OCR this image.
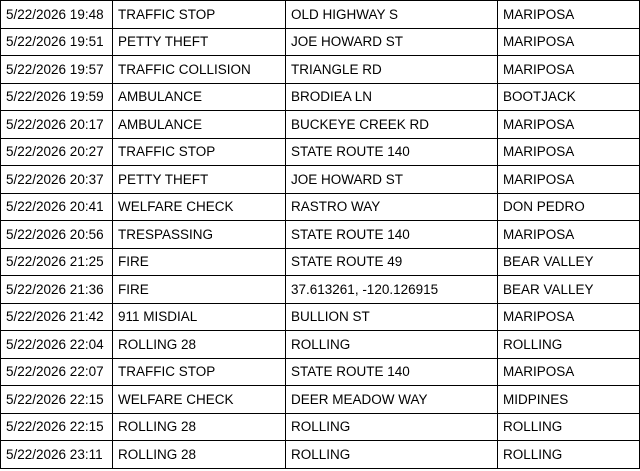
5/22/2026 19:48	TRAFFIC STOP	OLD HIGHWAY S	MARIPOSA
5/22/2026 19:51	PETTY THEFT	JOE HOWARD ST	MARIPOSA
5/22/2026 19:57	TRAFFIC COLLISION	TRIANGLE RD	MARIPOSA
5/22/2026 19:59	AMBULANCE	BRODIEA LN	BOOTJACK
5/22/2026 20:17	AMBULANCE	BUCKEYE CREEK RD	MARIPOSA
5/22/2026 20:27	TRAFFIC STOP	STATE ROUTE 140	MARIPOSA
5/22/2026 20:37	PETTY THEFT	JOE HOWARD ST	MARIPOSA
5/22/2026 20:41	WELFARE CHECK	RASTRO WAY	DON PEDRO
5/22/2026 20:56	TRESPASSING	STATE ROUTE 140	MARIPOSA
5/22/2026 21:25	FIRE	STATE ROUTE 49	BEAR VALLEY
5/22/2026 21:36	FIRE	37.613261, -120.126915	BEAR VALLEY
5/22/2026 21:42	911 MISDIAL	BULLION ST	MARIPOSA
5/22/2026 22:04	ROLLING 28	ROLLING	ROLLING
5/22/2026 22:07	TRAFFIC STOP	STATE ROUTE 140	MARIPOSA
5/22/2026 22:15	WELFARE CHECK	DEER MEADOW WAY	MIDPINES
5/22/2026 22:15	ROLLING 28	ROLLING	ROLLING
5/22/2026 23:11	ROLLING 28	ROLLING	ROLLING
